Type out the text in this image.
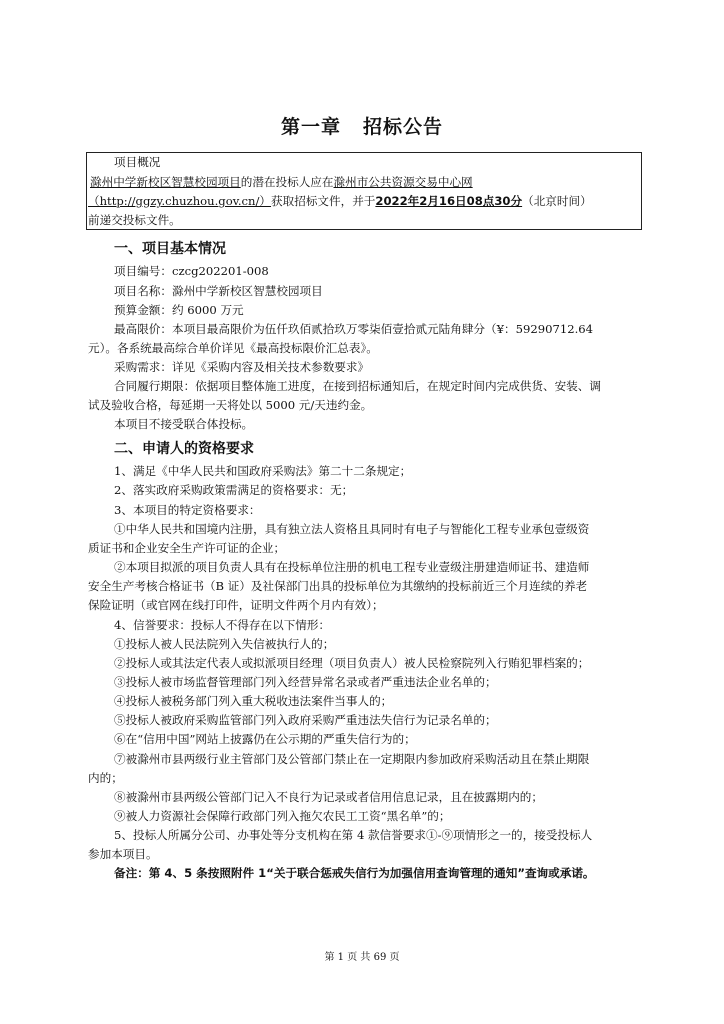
第一章 招标公告
项目概况
滁州中学新校区智慧校园项目的潜在投标人应在滁州市公共资源交易中心网
（http://ggzy.chuzhou.gov.cn/）获取招标文件，并于2022年2月16日08点30分（北京时间）
前递交投标文件。
一、项目基本情况
项目编号：czcg202201-008
项目名称：滁州中学新校区智慧校园项目
预算金额：约 6000 万元
最高限价：本项目最高限价为伍仟玖佰贰拾玖万零柒佰壹拾贰元陆角肆分（¥：59290712.64
元）。各系统最高综合单价详见《最高投标限价汇总表》。
采购需求：详见《采购内容及相关技术参数要求》
合同履行期限：依据项目整体施工进度，在接到招标通知后，在规定时间内完成供货、安装、调
试及验收合格，每延期一天将处以 5000 元/天违约金。
本项目不接受联合体投标。
二、申请人的资格要求
1、满足《中华人民共和国政府采购法》第二十二条规定；
2、落实政府采购政策需满足的资格要求：无；
3、本项目的特定资格要求：
①中华人民共和国境内注册，具有独立法人资格且具同时有电子与智能化工程专业承包壹级资
质证书和企业安全生产许可证的企业；
②本项目拟派的项目负责人具有在投标单位注册的机电工程专业壹级注册建造师证书、建造师
安全生产考核合格证书（B 证）及社保部门出具的投标单位为其缴纳的投标前近三个月连续的养老
保险证明（或官网在线打印件，证明文件两个月内有效）；
4、信誉要求：投标人不得存在以下情形：
①投标人被人民法院列入失信被执行人的；
②投标人或其法定代表人或拟派项目经理（项目负责人）被人民检察院列入行贿犯罪档案的；
③投标人被市场监督管理部门列入经营异常名录或者严重违法企业名单的；
④投标人被税务部门列入重大税收违法案件当事人的；
⑤投标人被政府采购监管部门列入政府采购严重违法失信行为记录名单的；
⑥在“信用中国”网站上披露仍在公示期的严重失信行为的；
⑦被滁州市县两级行业主管部门及公管部门禁止在一定期限内参加政府采购活动且在禁止期限
内的；
⑧被滁州市县两级公管部门记入不良行为记录或者信用信息记录，且在披露期内的；
⑨被人力资源社会保障行政部门列入拖欠农民工工资“黑名单”的；
5、投标人所属分公司、办事处等分支机构在第 4 款信誉要求①-⑨项情形之一的，接受投标人
参加本项目。
备注：第 4、5 条按照附件 1“关于联合惩戒失信行为加强信用查询管理的通知”查询或承诺。
第 1 页 共 69 页
